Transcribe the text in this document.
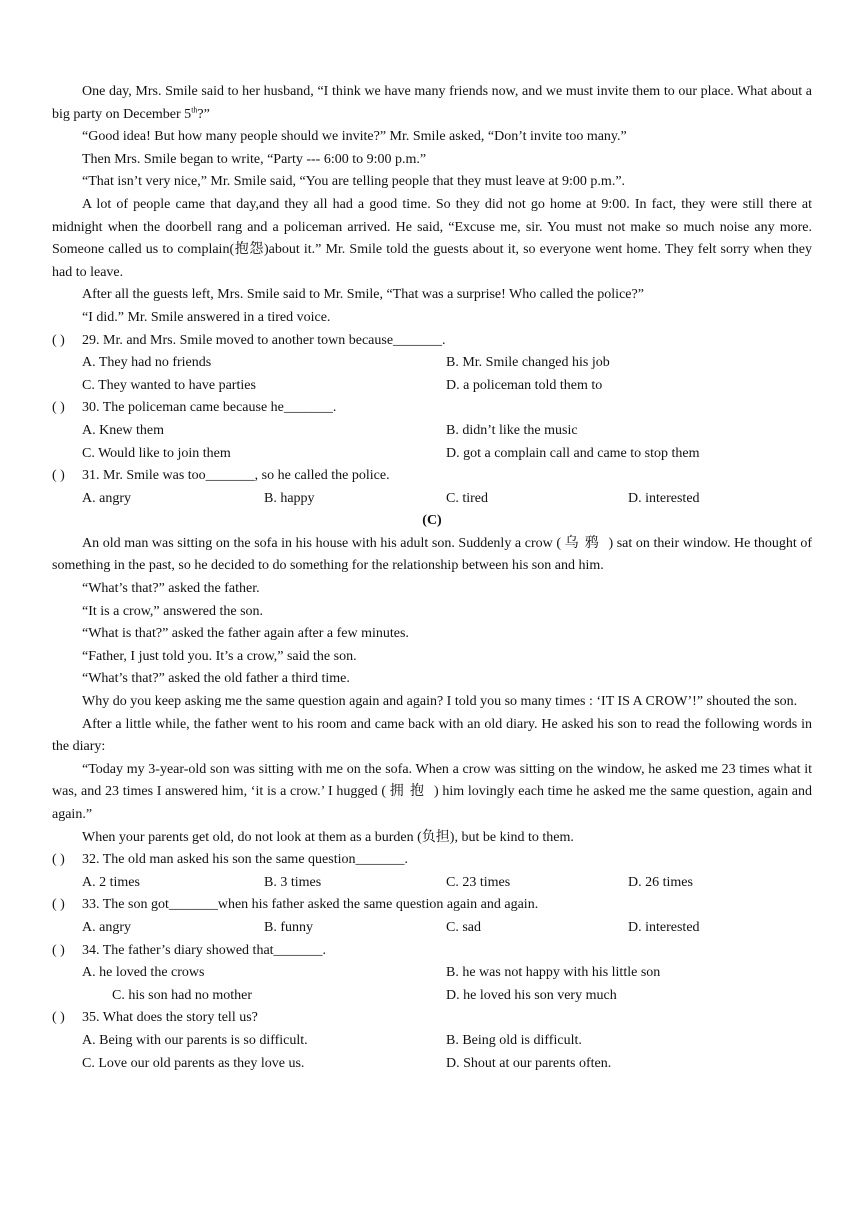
One day, Mrs. Smile said to her husband, “I think we have many friends now, and we must invite them to our place. What about a big party on December 5th?”
“Good idea! But how many people should we invite?” Mr. Smile asked, “Don’t invite too many.”
Then Mrs. Smile began to write, “Party --- 6:00 to 9:00 p.m.”
“That isn’t very nice,” Mr. Smile said, “You are telling people that they must leave at 9:00 p.m.”.
A lot of people came that day,and they all had a good time. So they did not go home at 9:00. In fact, they were still there at midnight when the doorbell rang and a policeman arrived. He said, “Excuse me, sir. You must not make so much noise any more. Someone called us to complain(抱怨)about it.” Mr. Smile told the guests about it, so everyone went home. They felt sorry when they had to leave.
After all the guests left, Mrs. Smile said to Mr. Smile, “That was a surprise! Who called the police?”
“I did.” Mr. Smile answered in a tired voice.
( )	29. Mr. and Mrs. Smile moved to another town because_______.
A. They had no friends	B. Mr. Smile changed his job
C. They wanted to have parties	D. a policeman told them to
( )	30. The policeman came because he_______.
A. Knew them	B. didn’t like the music
C. Would like to join them	D. got a complain call and came to stop them
( )	31. Mr. Smile was too_______, so he called the police.
A. angry	B. happy	C. tired	D. interested
(C)
An old man was sitting on the sofa in his house with his adult son. Suddenly a crow ( 乌鸦 ) sat on their window. He thought of something in the past, so he decided to do something for the relationship between his son and him.
“What’s that?” asked the father.
“It is a crow,” answered the son.
“What is that?” asked the father again after a few minutes.
“Father, I just told you. It’s a crow,” said the son.
“What’s that?” asked the old father a third time.
Why do you keep asking me the same question again and again? I told you so many times : ‘IT IS A CROW’!” shouted the son.
After a little while, the father went to his room and came back with an old diary. He asked his son to read the following words in the diary:
“Today my 3-year-old son was sitting with me on the sofa. When a crow was sitting on the window, he asked me 23 times what it was, and 23 times I answered him, ‘it is a crow.’ I hugged ( 拥抱 ) him lovingly each time he asked me the same question, again and again.”
When your parents get old, do not look at them as a burden (负担), but be kind to them.
( )	32. The old man asked his son the same question_______.
A. 2 times	B. 3 times	C. 23 times	D. 26 times
( )	33. The son got_______when his father asked the same question again and again.
A. angry	B. funny	C. sad	D. interested
( )	34. The father’s diary showed that_______.
A. he loved the crows	B. he was not happy with his little son
C. his son had no mother	D. he loved his son very much
( )	35. What does the story tell us?
A. Being with our parents is so difficult.	B. Being old is difficult.
C. Love our old parents as they love us.	D. Shout at our parents often.
